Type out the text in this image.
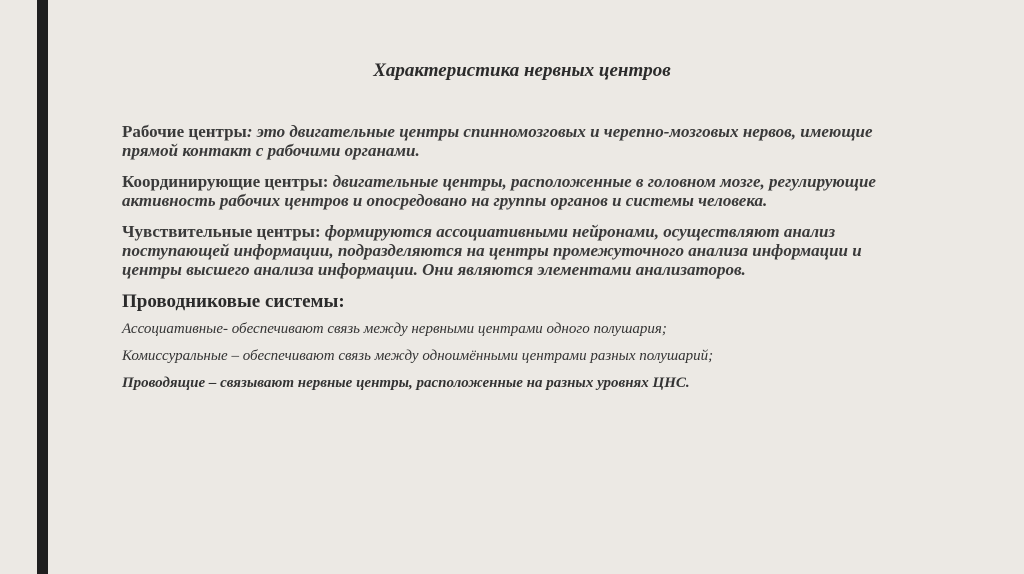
Характеристика нервных центров

Рабочие центры: это двигательные центры спинномозговых и черепно-мозговых нервов, имеющие прямой контакт с рабочими органами.

Координирующие центры: двигательные центры, расположенные в головном мозге, регулирующие активность рабочих центров и опосредовано на группы органов и системы человека.

Чувствительные центры: формируются ассоциативными нейронами, осуществляют анализ поступающей информации, подразделяются на центры промежуточного анализа информации и центры высшего анализа информации. Они являются элементами анализаторов.

Проводниковые системы:

Ассоциативные- обеспечивают связь между нервными центрами одного полушария;

Комиссуральные – обеспечивают связь между одноимёнными центрами разных полушарий;

Проводящие – связывают нервные центры, расположенные на разных уровнях ЦНС.
